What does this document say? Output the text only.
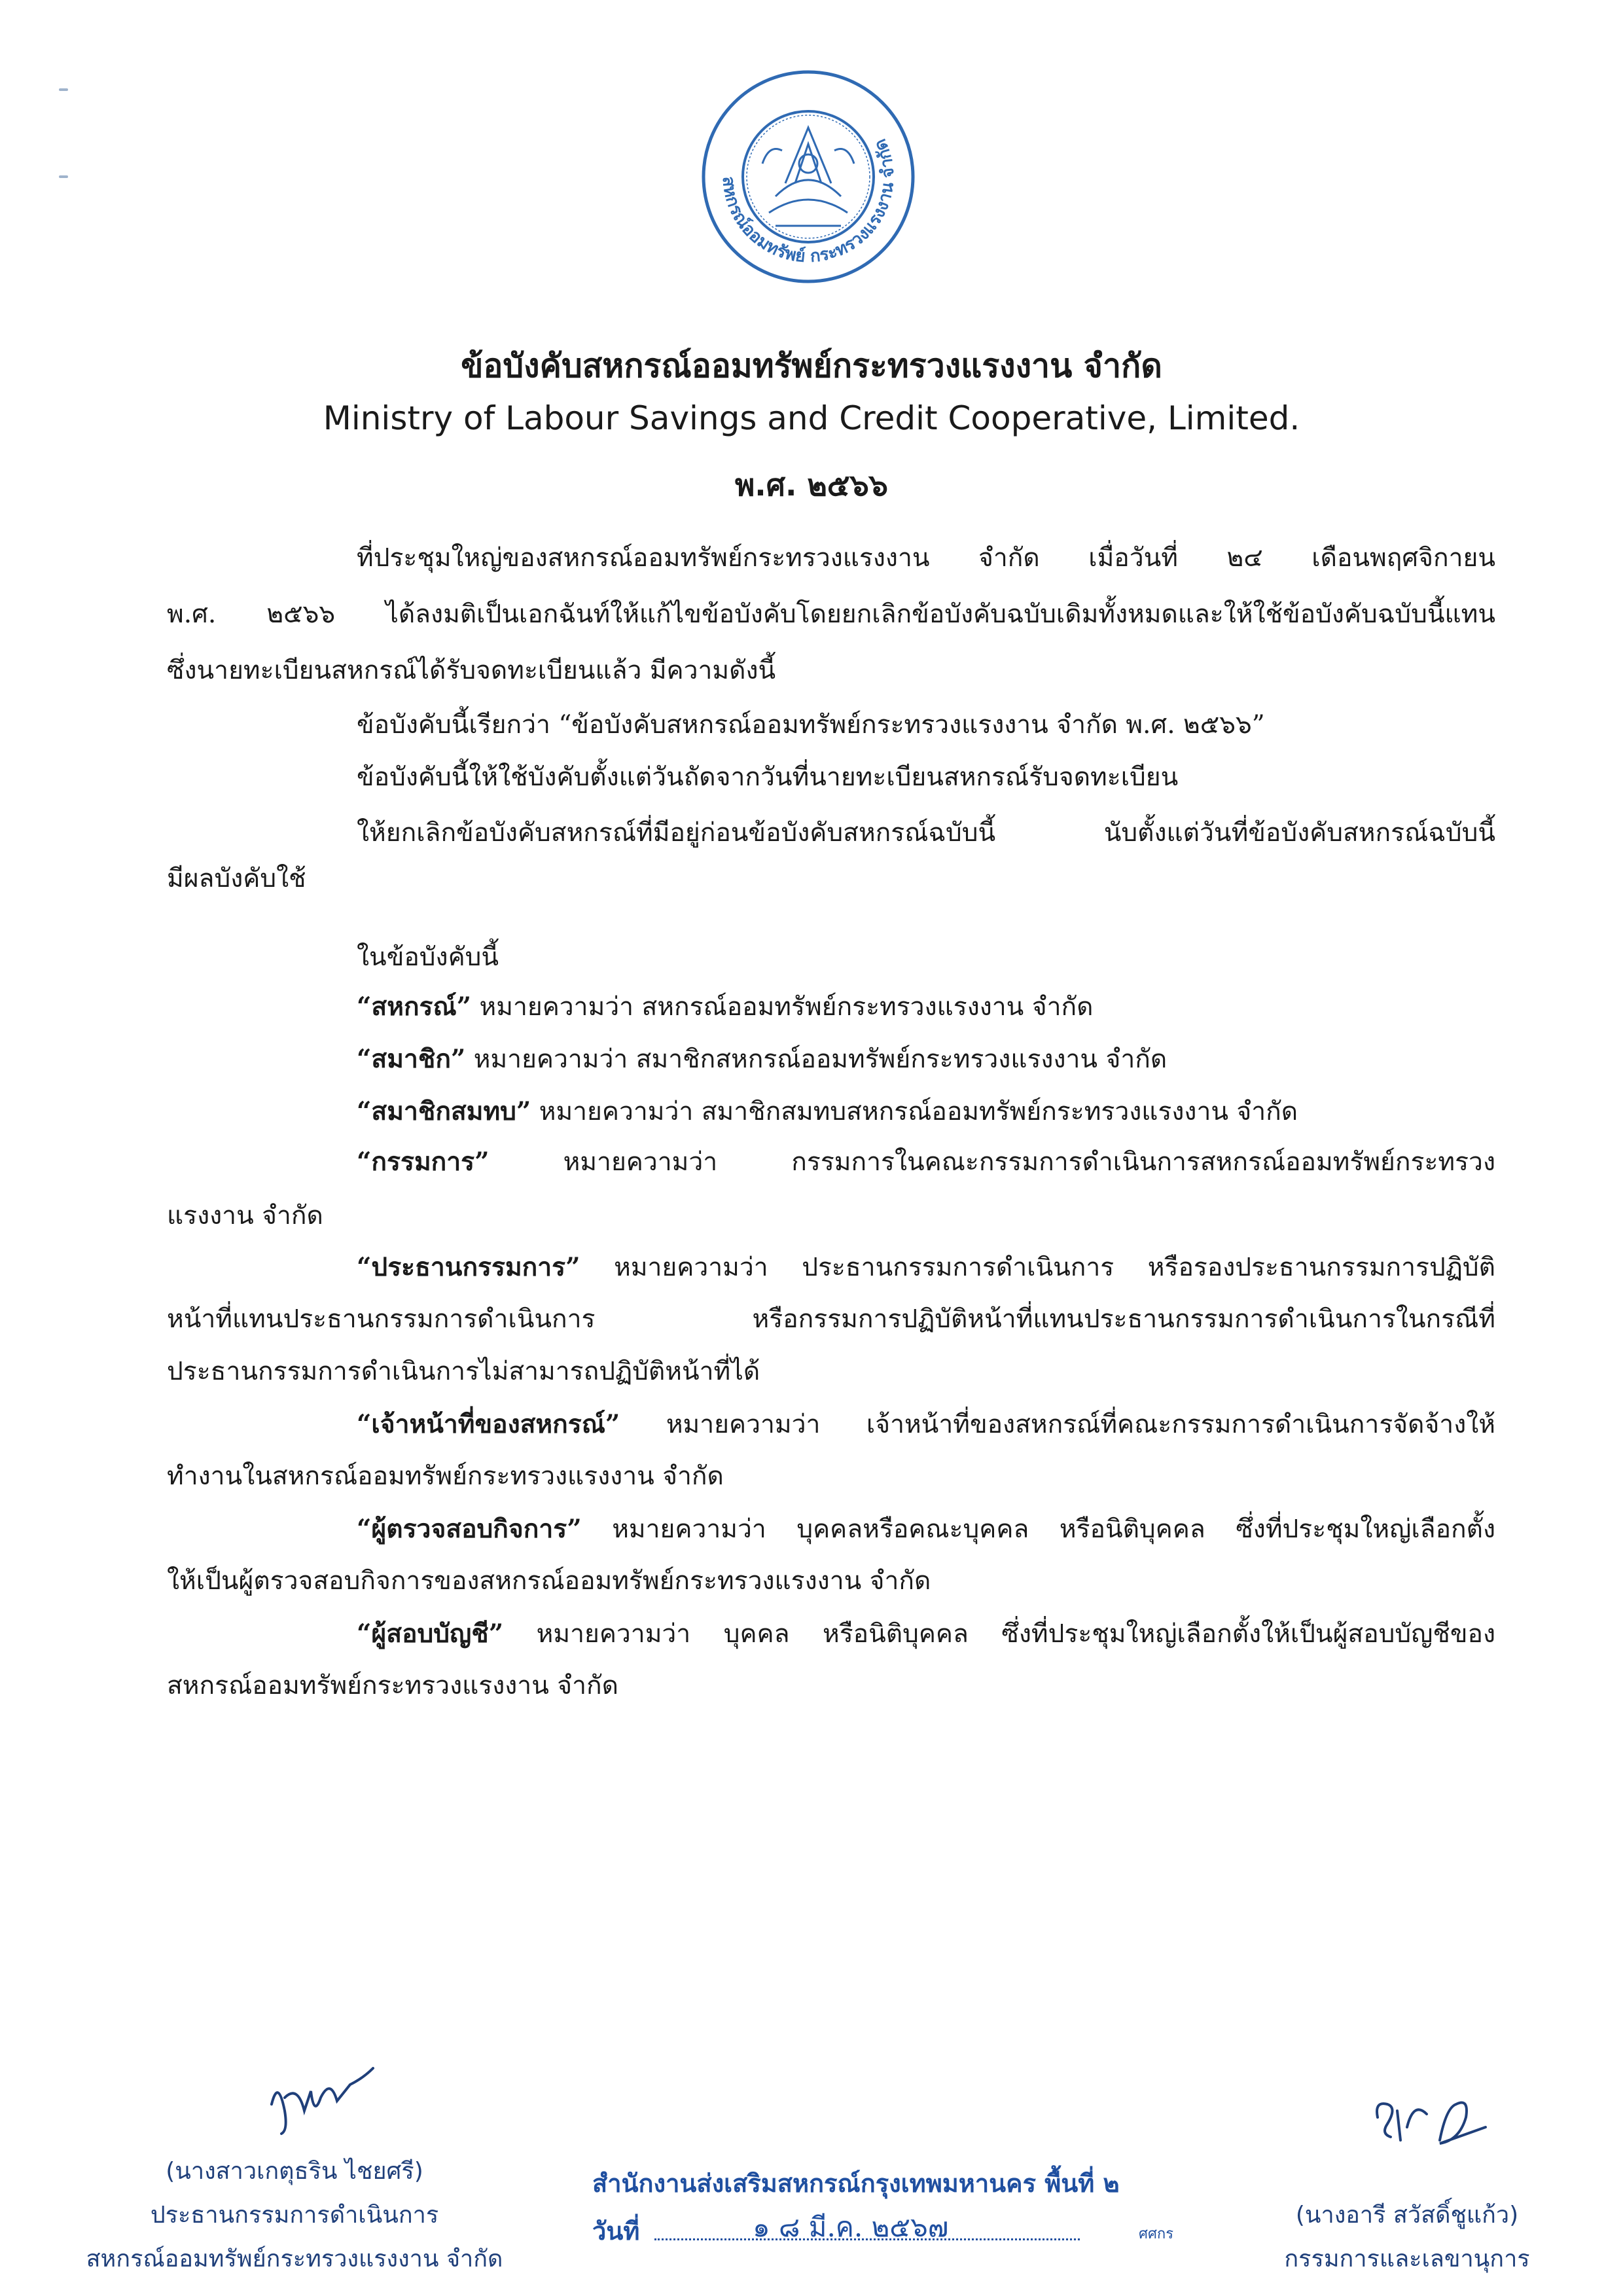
สหกรณ์ออมทรัพย์ กระทรวงแรงงาน จำกัด
ข้อบังคับสหกรณ์ออมทรัพย์กระทรวงแรงงาน จำกัด
Ministry of Labour Savings and Credit Cooperative, Limited.
พ.ศ. ๒๕๖๖
ที่ประชุมใหญ่ของสหกรณ์ออมทรัพย์กระทรวงแรงงาน จำกัด เมื่อวันที่ ๒๔ เดือนพฤศจิกายน
พ.ศ. ๒๕๖๖ ได้ลงมติเป็นเอกฉันท์ให้แก้ไขข้อบังคับโดยยกเลิกข้อบังคับฉบับเดิมทั้งหมดและให้ใช้ข้อบังคับฉบับนี้แทน
ซึ่งนายทะเบียนสหกรณ์ได้รับจดทะเบียนแล้ว มีความดังนี้
ข้อบังคับนี้เรียกว่า “ข้อบังคับสหกรณ์ออมทรัพย์กระทรวงแรงงาน จำกัด พ.ศ. ๒๕๖๖”
ข้อบังคับนี้ให้ใช้บังคับตั้งแต่วันถัดจากวันที่นายทะเบียนสหกรณ์รับจดทะเบียน
ให้ยกเลิกข้อบังคับสหกรณ์ที่มีอยู่ก่อนข้อบังคับสหกรณ์ฉบับนี้ นับตั้งแต่วันที่ข้อบังคับสหกรณ์ฉบับนี้
มีผลบังคับใช้
ในข้อบังคับนี้
“สหกรณ์” หมายความว่า สหกรณ์ออมทรัพย์กระทรวงแรงงาน จำกัด
“สมาชิก” หมายความว่า สมาชิกสหกรณ์ออมทรัพย์กระทรวงแรงงาน จำกัด
“สมาชิกสมทบ” หมายความว่า สมาชิกสมทบสหกรณ์ออมทรัพย์กระทรวงแรงงาน จำกัด
“กรรมการ” หมายความว่า กรรมการในคณะกรรมการดำเนินการสหกรณ์ออมทรัพย์กระทรวง
แรงงาน จำกัด
“ประธานกรรมการ” หมายความว่า ประธานกรรมการดำเนินการ หรือรองประธานกรรมการปฏิบัติ
หน้าที่แทนประธานกรรมการดำเนินการ หรือกรรมการปฏิบัติหน้าที่แทนประธานกรรมการดำเนินการในกรณีที่
ประธานกรรมการดำเนินการไม่สามารถปฏิบัติหน้าที่ได้
“เจ้าหน้าที่ของสหกรณ์” หมายความว่า เจ้าหน้าที่ของสหกรณ์ที่คณะกรรมการดำเนินการจัดจ้างให้
ทำงานในสหกรณ์ออมทรัพย์กระทรวงแรงงาน จำกัด
“ผู้ตรวจสอบกิจการ” หมายความว่า บุคคลหรือคณะบุคคล หรือนิติบุคคล ซึ่งที่ประชุมใหญ่เลือกตั้ง
ให้เป็นผู้ตรวจสอบกิจการของสหกรณ์ออมทรัพย์กระทรวงแรงงาน จำกัด
“ผู้สอบบัญชี” หมายความว่า บุคคล หรือนิติบุคคล ซึ่งที่ประชุมใหญ่เลือกตั้งให้เป็นผู้สอบบัญชีของ
สหกรณ์ออมทรัพย์กระทรวงแรงงาน จำกัด
(นางสาวเกตุธริน ไชยศรี)
ประธานกรรมการดำเนินการ
สหกรณ์ออมทรัพย์กระทรวงแรงงาน จำกัด
สำนักงานส่งเสริมสหกรณ์กรุงเทพมหานคร พื้นที่ ๒
วันที่	๑ ๘ มี.ค. ๒๕๖๗	ศศกร
(นางอารี สวัสดิ์ชูแก้ว)
กรรมการและเลขานุการ
